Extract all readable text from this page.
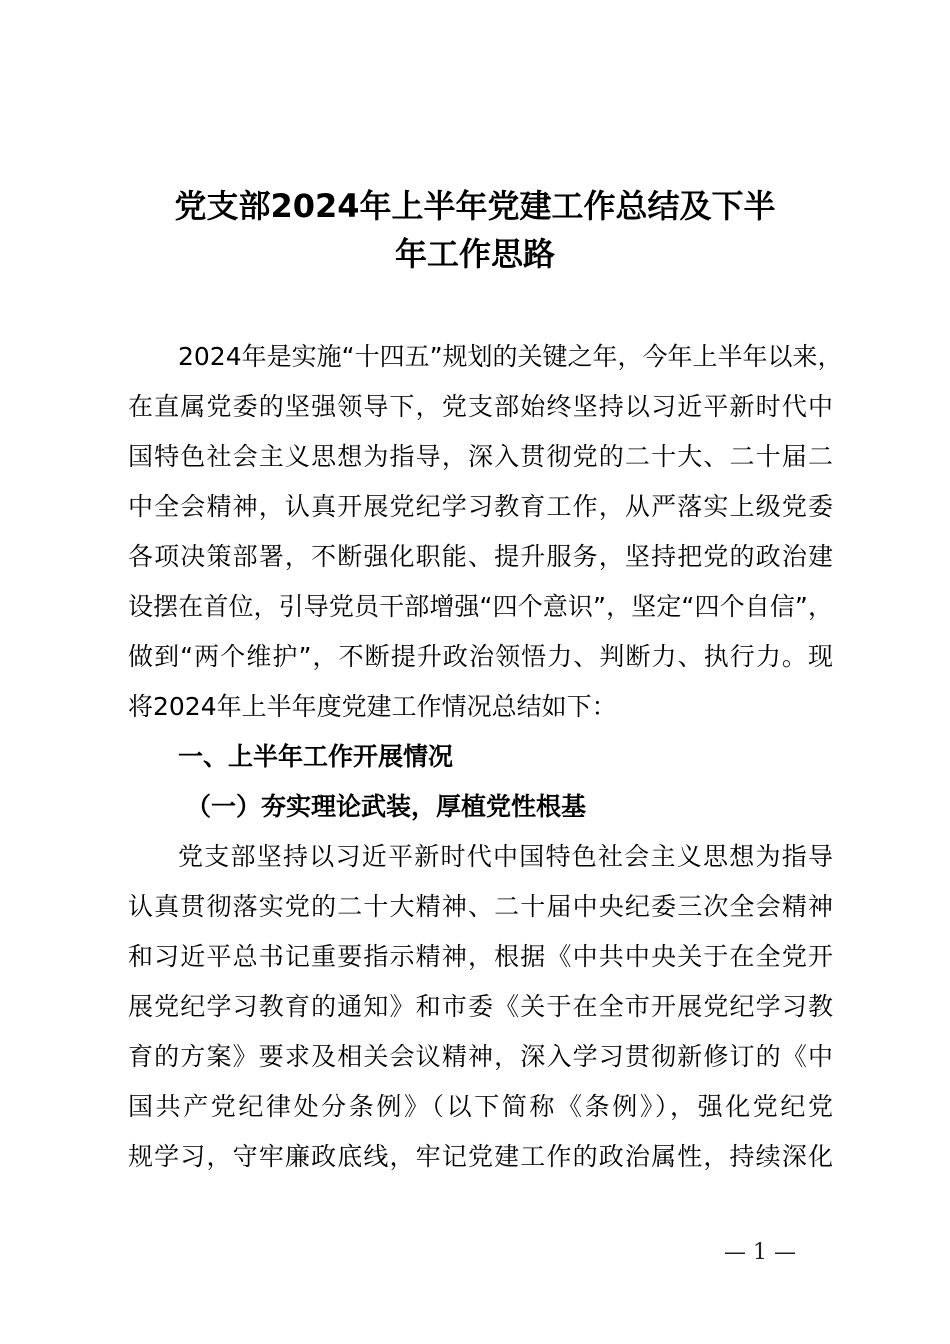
党支部2024年上半年党建工作总结及下半
年工作思路
2024年是实施“十四五”规划的关键之年，今年上半年以来，
在直属党委的坚强领导下，党支部始终坚持以习近平新时代中
国特色社会主义思想为指导，深入贯彻党的二十大、二十届二
中全会精神，认真开展党纪学习教育工作，从严落实上级党委
各项决策部署，不断强化职能、提升服务，坚持把党的政治建
设摆在首位，引导党员干部增强“四个意识”，坚定“四个自信”，
做到“两个维护”，不断提升政治领悟力、判断力、执行力。现
将2024年上半年度党建工作情况总结如下：
一、上半年工作开展情况
（一）夯实理论武装，厚植党性根基
党支部坚持以习近平新时代中国特色社会主义思想为指导
认真贯彻落实党的二十大精神、二十届中央纪委三次全会精神
和习近平总书记重要指示精神，根据《中共中央关于在全党开
展党纪学习教育的通知》和市委《关于在全市开展党纪学习教
育的方案》要求及相关会议精神，深入学习贯彻新修订的《中
国共产党纪律处分条例》（以下简称《条例》），强化党纪党
规学习，守牢廉政底线，牢记党建工作的政治属性，持续深化
— 1 —
